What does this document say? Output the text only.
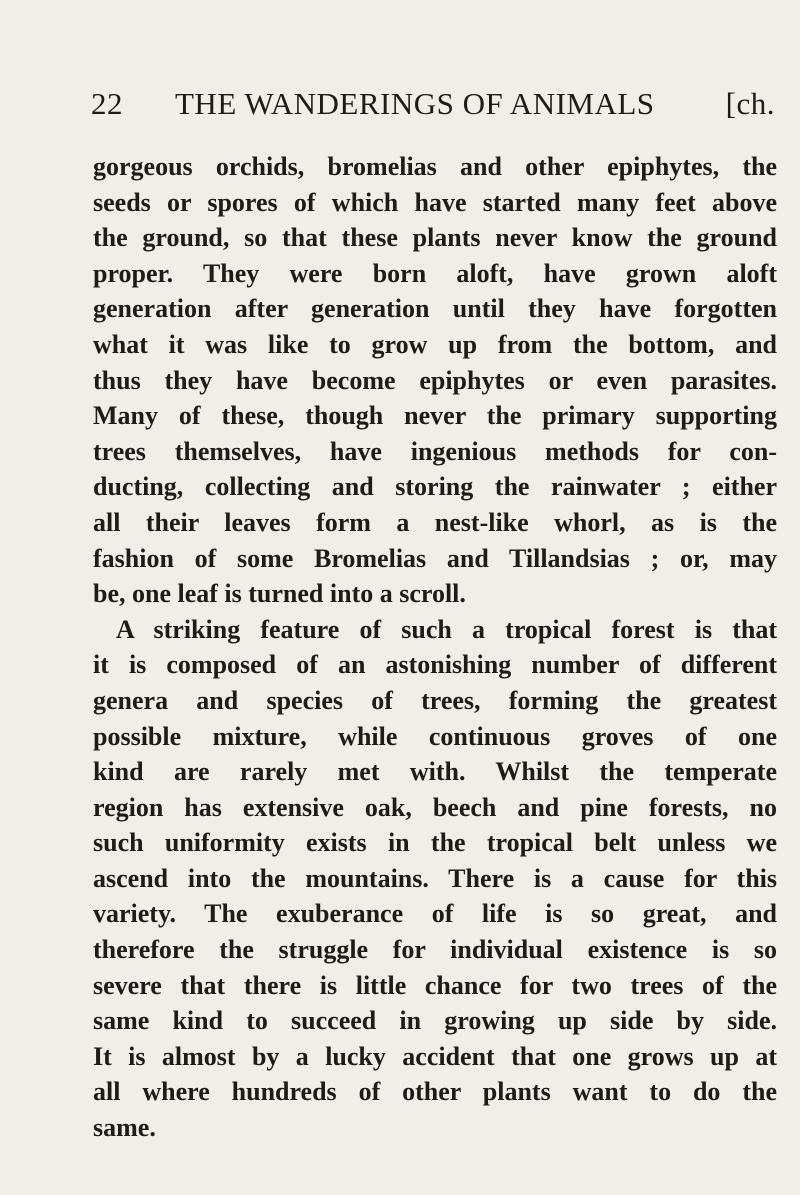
22 THE WANDERINGS OF ANIMALS [ch.
gorgeous orchids, bromelias and other epiphytes, the
seeds or spores of which have started many feet above
the ground, so that these plants never know the ground
proper. They were born aloft, have grown aloft
generation after generation until they have forgotten
what it was like to grow up from the bottom, and
thus they have become epiphytes or even parasites.
Many of these, though never the primary supporting
trees themselves, have ingenious methods for con-
ducting, collecting and storing the rainwater ; either
all their leaves form a nest-like whorl, as is the
fashion of some Bromelias and Tillandsias ; or, may
be, one leaf is turned into a scroll.
A striking feature of such a tropical forest is that
it is composed of an astonishing number of different
genera and species of trees, forming the greatest
possible mixture, while continuous groves of one
kind are rarely met with. Whilst the temperate
region has extensive oak, beech and pine forests, no
such uniformity exists in the tropical belt unless we
ascend into the mountains. There is a cause for this
variety. The exuberance of life is so great, and
therefore the struggle for individual existence is so
severe that there is little chance for two trees of the
same kind to succeed in growing up side by side.
It is almost by a lucky accident that one grows up at
all where hundreds of other plants want to do the
same.
